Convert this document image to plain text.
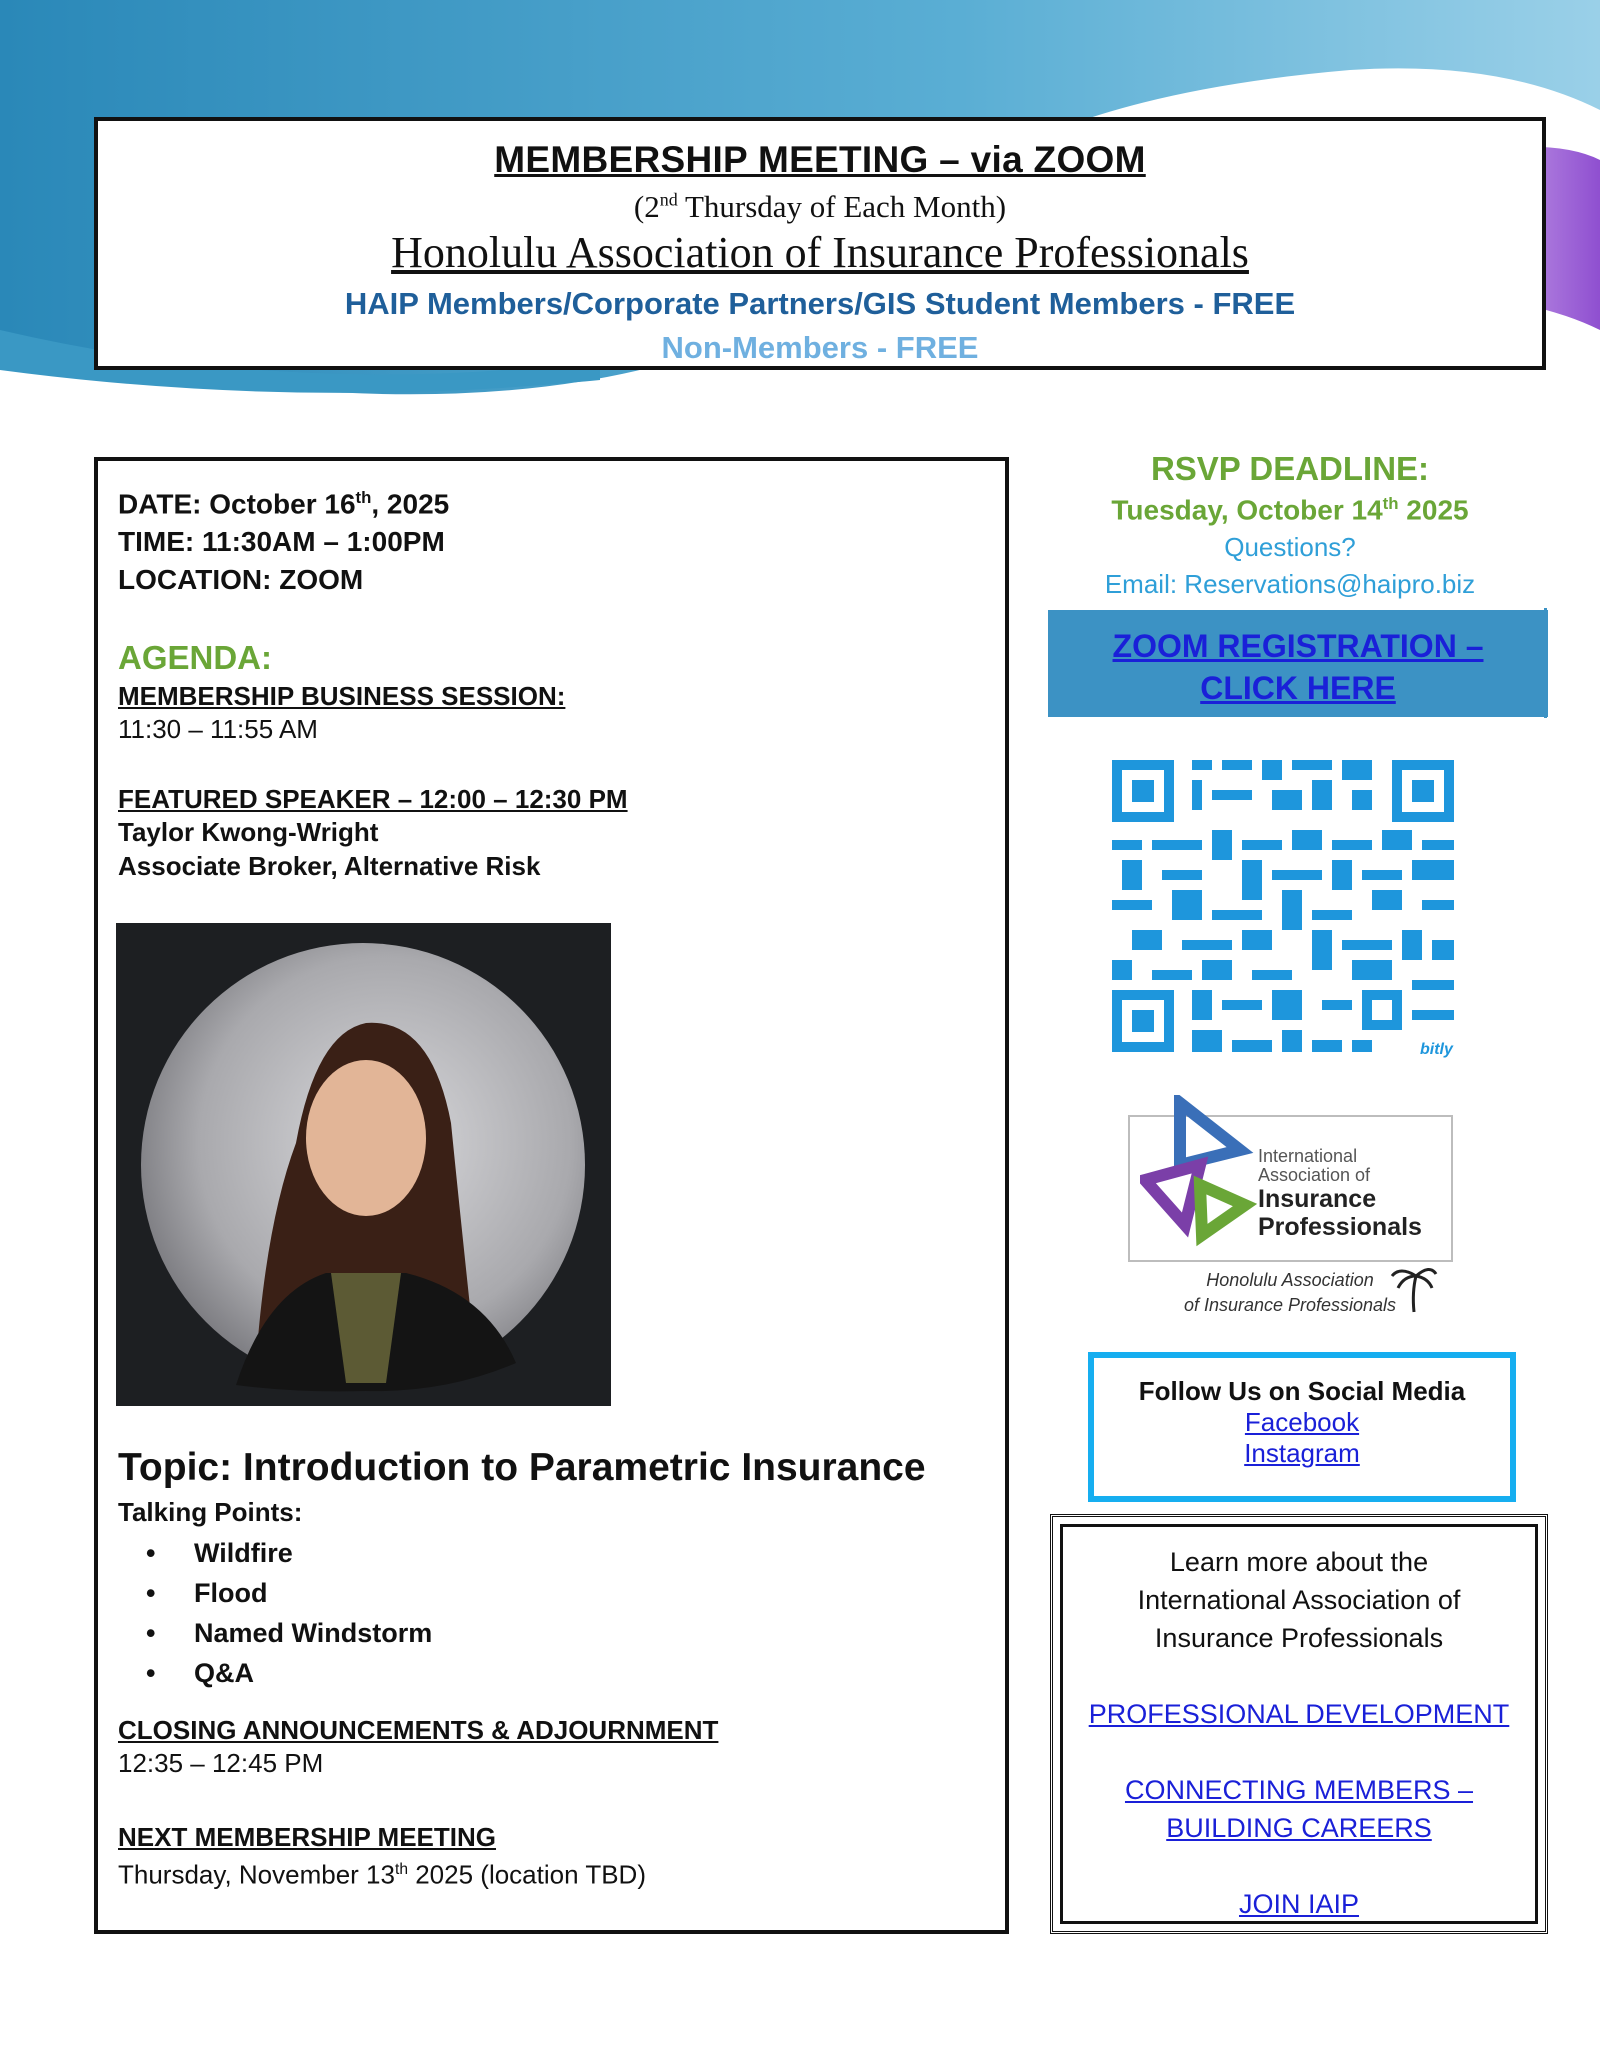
MEMBERSHIP MEETING – via ZOOM
(2nd Thursday of Each Month)
Honolulu Association of Insurance Professionals
HAIP Members/Corporate Partners/GIS Student Members - FREE
Non-Members - FREE
DATE: October 16th, 2025
TIME: 11:30AM – 1:00PM
LOCATION: ZOOM
AGENDA:
MEMBERSHIP BUSINESS SESSION:
11:30 – 11:55 AM
FEATURED SPEAKER – 12:00 – 12:30 PM
Taylor Kwong-Wright
Associate Broker, Alternative Risk
Topic: Introduction to Parametric Insurance
Talking Points:
• Wildfire
• Flood
• Named Windstorm
• Q&A
CLOSING ANNOUNCEMENTS & ADJOURNMENT
12:35 – 12:45 PM
NEXT MEMBERSHIP MEETING
Thursday, November 13th 2025 (location TBD)
RSVP DEADLINE:
Tuesday, October 14th 2025
Questions?
Email: Reservations@haipro.biz
ZOOM REGISTRATION –
CLICK HERE
bitly
International
Association of
Insurance
Professionals
Honolulu Association
of Insurance Professionals
Follow Us on Social Media
Facebook
Instagram
Learn more about the
International Association of
Insurance Professionals
PROFESSIONAL DEVELOPMENT
CONNECTING MEMBERS –
BUILDING CAREERS
JOIN IAIP
